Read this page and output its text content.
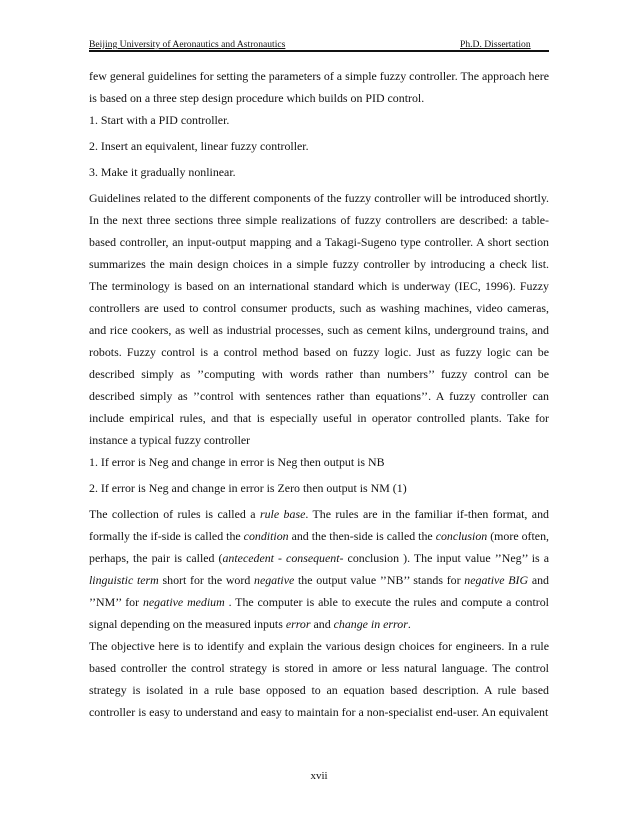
Beijing University of Aeronautics and Astronautics	Ph.D. Dissertation

few general guidelines for setting the parameters of a simple fuzzy controller. The approach here

is based on a three step design procedure which builds on PID control.

1. Start with a PID controller.

2. Insert an equivalent, linear fuzzy controller.

3. Make it gradually nonlinear.

Guidelines related to the different components of the fuzzy controller will be introduced shortly. In the next three sections three simple realizations of fuzzy controllers are described: a table-based controller, an input-output mapping and a Takagi-Sugeno type controller. A short section summarizes the main design choices in a simple fuzzy controller by introducing a check list. The terminology is based on an international standard which is underway (IEC, 1996). Fuzzy controllers are used to control consumer products, such as washing machines, video cameras, and rice cookers, as well as industrial processes, such as cement kilns, underground trains, and robots. Fuzzy control is a control method based on fuzzy logic. Just as fuzzy logic can be described simply as ’’computing with words rather than numbers’’ fuzzy control can be described simply as ’’control with sentences rather than equations’’. A fuzzy controller can include empirical rules, and that is especially useful in operator controlled plants. Take for instance a typical fuzzy controller

1. If error is Neg and change in error is Neg then output is NB

2. If error is Neg and change in error is Zero then output is NM (1)

The collection of rules is called a rule base. The rules are in the familiar if-then format, and formally the if-side is called the condition and the then-side is called the conclusion (more often, perhaps, the pair is called (antecedent - consequent- conclusion ). The input value ’’Neg’’ is a linguistic term short for the word negative the output value ’’NB’’ stands for negative BIG and ’’NM’’ for negative medium . The computer is able to execute the rules and compute a control signal depending on the measured inputs error and change in error.

The objective here is to identify and explain the various design choices for engineers. In a rule based controller the control strategy is stored in amore or less natural language. The control strategy is isolated in a rule base opposed to an equation based description. A rule based controller is easy to understand and easy to maintain for a non-specialist end-user. An equivalent

xvii
